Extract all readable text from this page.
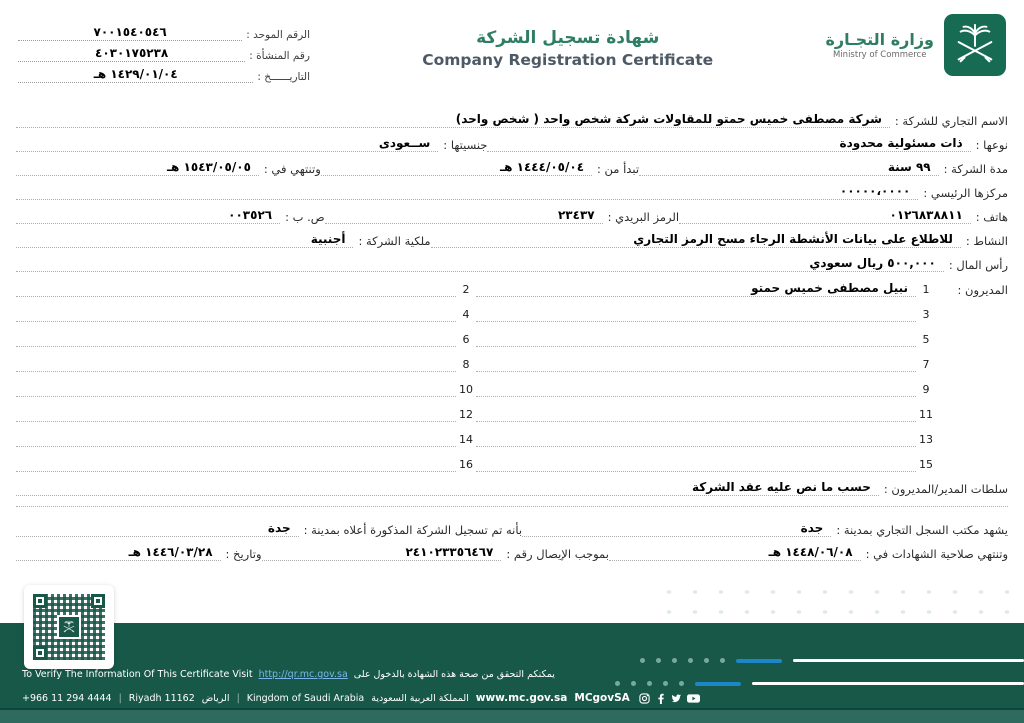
الرقم الموحد :
٧٠٠١٥٤٠٥٤٦
رقم المنشأة :
٤٠٣٠١٧٥٢٣٨
التاريــــــخ :
١٤٢٩/٠١/٠٤ هـ
شهادة تسجيل الشركة
Company Registration Certificate
وزارة التجـارة
Ministry of Commerce
الاسم التجاري للشركة :
شركة مصطفى خميس حمتو للمقاولات شركة شخص واحد ( شخص واحد)
نوعها :
ذات مسئولية محدودة
جنسيتها :
ســعودى
مدة الشركة :
٩٩ سنة
تبدأ من :
١٤٤٤/٠٥/٠٤ هـ
وتنتهي في :
١٥٤٣/٠٥/٠٥ هـ
مركزها الرئيسي :
٠٠٠٠٠،٠٠٠٠
هاتف :
٠١٢٦٨٣٨٨١١
الرمز البريدي :
٢٣٤٣٧
ص. ب :
٠٠٣٥٢٦
النشاط :
للاطلاع على بيانات الأنشطة الرجاء مسح الرمز التجاري
ملكية الشركة :
أجنبية
رأس المال :
٥٠٠,٠٠٠ ريال سعودي
المديرون :
1
نبيل مصطفى خميس حمتو
2
3
4
5
6
7
8
9
10
11
12
13
14
15
16
سلطات المدير/المديرون :
حسب ما نص عليه عقد الشركة
يشهد مكتب السجل التجاري بمدينة :
جدة
بأنه تم تسجيل الشركة المذكورة أعلاه بمدينة :
جدة
وتنتهي صلاحية الشهادات في :
١٤٤٨/٠٦/٠٨ هـ
بموجب الإيصال رقم :
٢٤١٠٢٣٣٥٦٤٦٧
وتاريخ :
١٤٤٦/٠٣/٢٨ هـ
To Verify The Information Of This Certificate Visit http://qr.mc.gov.sa يمكنكم التحقق من صحة هذه الشهادة بالدخول على
+966 11 294 4444 | Riyadh 11162 الرياض | Kingdom of Saudi Arabia المملكة العربية السعودية www.mc.gov.sa MCgovSA
